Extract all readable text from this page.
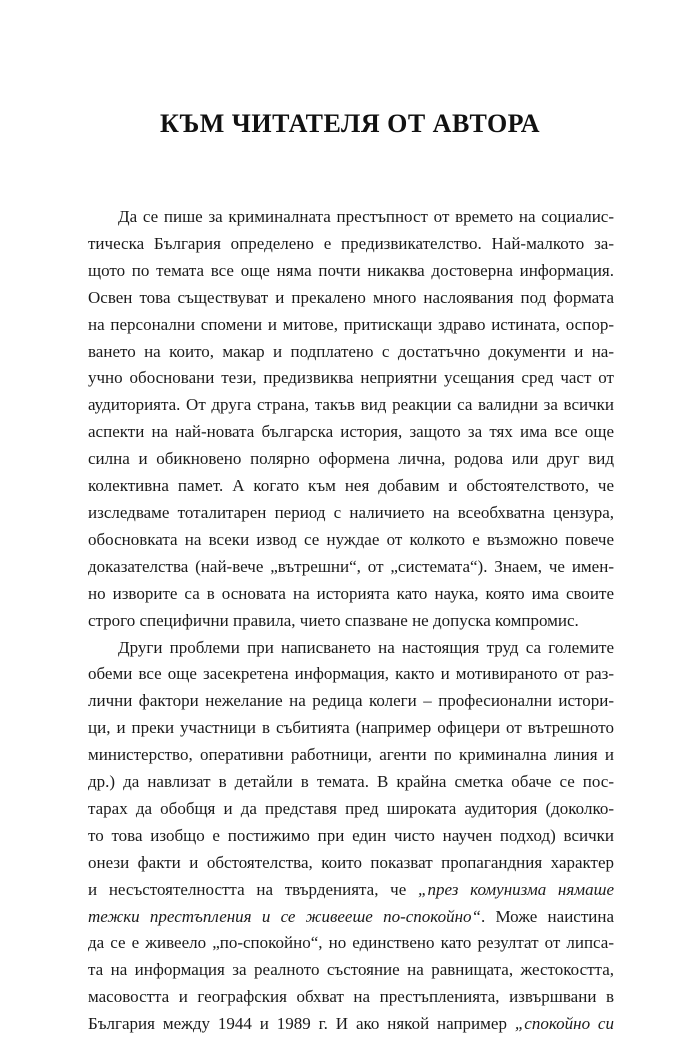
КЪМ ЧИТАТЕЛЯ ОТ АВТОРА
Да се пише за криминалната престъпност от времето на социалис-
тическа България определено е предизвикателство. Най-малкото за-
щото по темата все още няма почти никаква достоверна информация.
Освен това съществуват и прекалено много наслоявания под формата
на персонални спомени и митове, притискащи здраво истината, оспор-
ването на които, макар и подплатено с достатъчно документи и на-
учно обосновани тези, предизвиква неприятни усещания сред част от
аудиторията. От друга страна, такъв вид реакции са валидни за всички
аспекти на най-новата българска история, защото за тях има все още
силна и обикновено полярно оформена лична, родова или друг вид
колективна памет. А когато към нея добавим и обстоятелството, че
изследваме тоталитарен период с наличието на всеобхватна цензура,
обосновката на всеки извод се нуждае от колкото е възможно повече
доказателства (най-вече „вътрешни“, от „системата“). Знаем, че имен-
но изворите са в основата на историята като наука, която има своите
строго специфични правила, чието спазване не допуска компромис.
Други проблеми при написването на настоящия труд са големите
обеми все още засекретена информация, както и мотивираното от раз-
лични фактори нежелание на редица колеги – професионални истори-
ци, и преки участници в събитията (например офицери от вътрешното
министерство, оперативни работници, агенти по криминална линия и
др.) да навлизат в детайли в темата. В крайна сметка обаче се пос-
тарах да обобщя и да представя пред широката аудитория (доколко-
то това изобщо е постижимо при един чисто научен подход) всички
онези факти и обстоятелства, които показват пропагандния характер
и несъстоятелността на твърденията, че „през комунизма нямаше
тежки престъпления и се живееше по-спокойно“. Може наистина
да се е живеело „по-спокойно“, но единствено като резултат от липса-
та на информация за реалното състояние на равнищата, жестокостта,
масовостта и географския обхват на престъпленията, извършвани в
България между 1944 и 1989 г. И ако някой например „спокойно си
